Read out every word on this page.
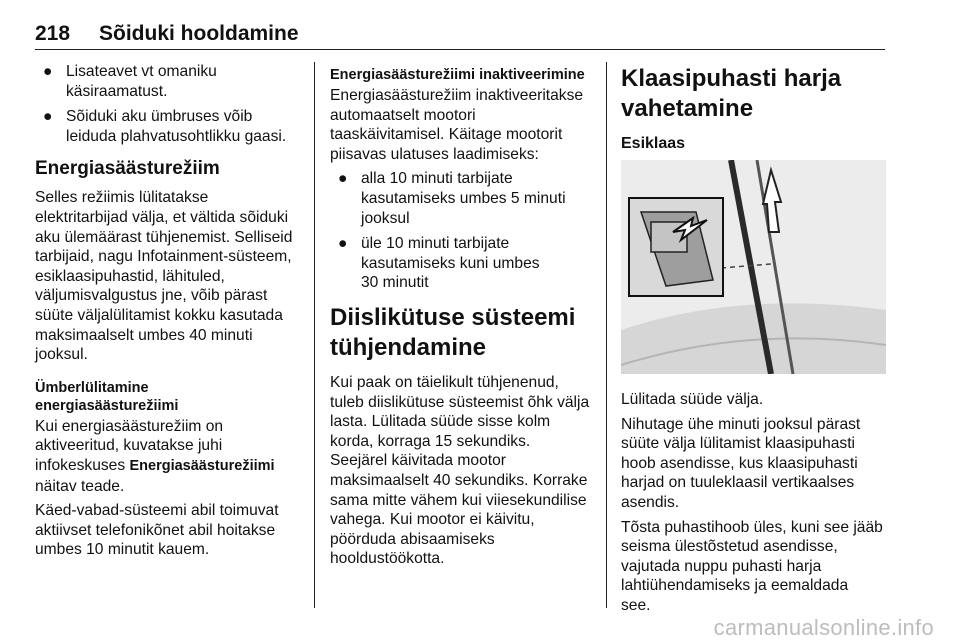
218 Sõiduki hooldamine
● Lisateavet vt omaniku
käsiraamatust.
● Sõiduki aku ümbruses võib
leiduda plahvatusohtlikku gaasi.
Energiasäästurežiim

Selles režiimis lülitatakse
elektritarbijad välja, et vältida sõiduki
aku ülemäärast tühjenemist. Selliseid
tarbijaid, nagu Infotainment-süsteem,
esiklaasipuhastid, lähituled,
väljumisvalgustus jne, võib pärast
süüte väljalülitamist kokku kasutada
maksimaalselt umbes 40 minuti
jooksul.

Ümberlülitamine
energiasäästurežiimi

Kui energiasäästurežiim on
aktiveeritud, kuvatakse juhi
infokeskuses Energiasäästurežiimi
näitav teade.

Käed-vabad-süsteemi abil toimuvat
aktiivset telefonikõnet abil hoitakse
umbes 10 minutit kauem.

Energiasäästurežiimi inaktiveerimine

Energiasäästurežiim inaktiveeritakse
automaatselt mootori
taaskäivitamisel. Käitage mootorit
piisavas ulatuses laadimiseks:

● alla 10 minuti tarbijate
kasutamiseks umbes 5 minuti
jooksul
● üle 10 minuti tarbijate
kasutamiseks kuni umbes
30 minutit
Diislikütuse süsteemi
tühjendamine

Kui paak on täielikult tühjenenud,
tuleb diislikütuse süsteemist õhk välja
lasta. Lülitada süüde sisse kolm
korda, korraga 15 sekundiks.
Seejärel käivitada mootor
maksimaalselt 40 sekundiks. Korrake
sama mitte vähem kui viiesekundilise
vahega. Kui mootor ei käivitu,
pöörduda abisaamiseks
hooldustöökotta.

Klaasipuhasti harja
vahetamine
Esiklaas

Lülitada süüde välja.

Nihutage ühe minuti jooksul pärast
süüte välja lülitamist klaasipuhasti
hoob asendisse, kus klaasipuhasti
harjad on tuuleklaasil vertikaalses
asendis.

Tõsta puhastihoob üles, kuni see jääb
seisma ülestõstetud asendisse,
vajutada nuppu puhasti harja
lahtiühendamiseks ja eemaldada
see.

carmanualsonline.info
